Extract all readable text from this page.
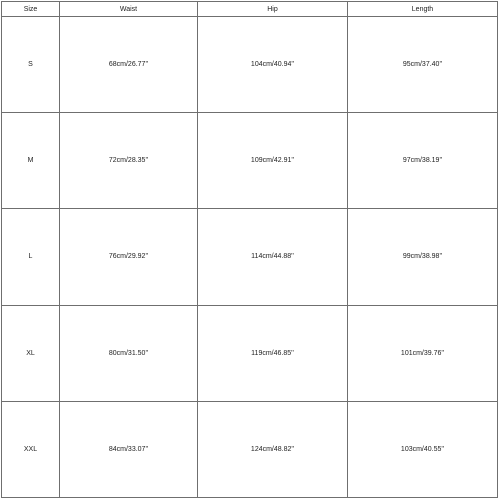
Size	Waist	Hip	Length
S	68cm/26.77''	104cm/40.94''	95cm/37.40''
M	72cm/28.35''	109cm/42.91''	97cm/38.19''
L	76cm/29.92''	114cm/44.88''	99cm/38.98''
XL	80cm/31.50''	119cm/46.85''	101cm/39.76''
XXL	84cm/33.07''	124cm/48.82''	103cm/40.55''
